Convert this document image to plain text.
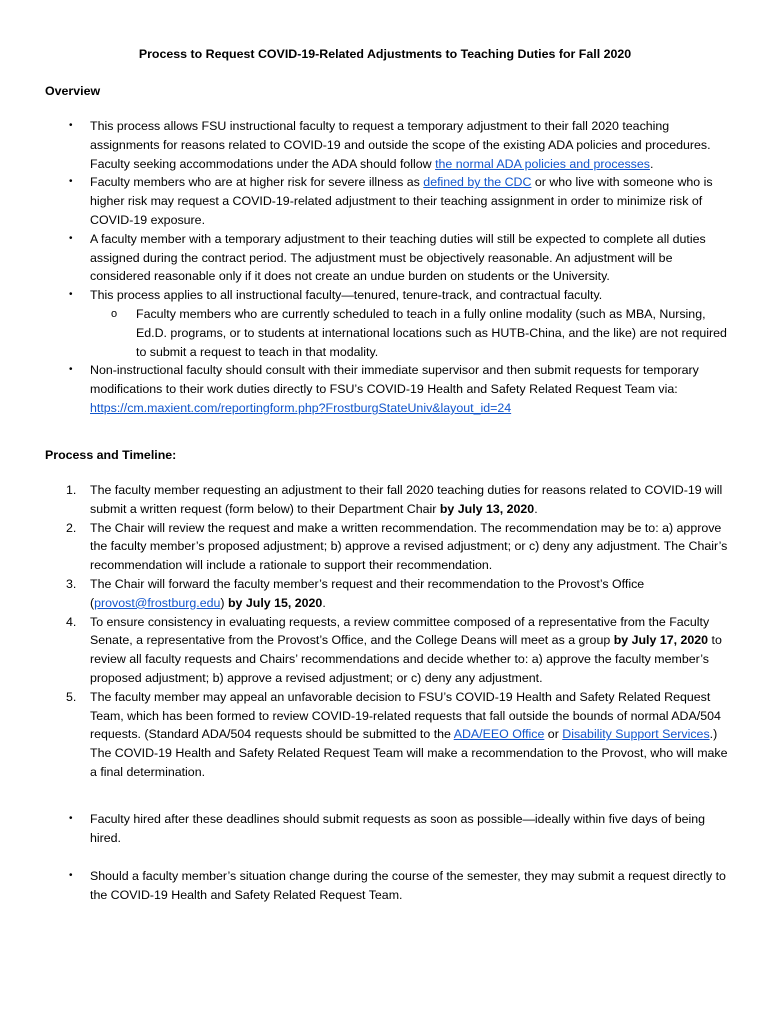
Process to Request COVID-19-Related Adjustments to Teaching Duties for Fall 2020
Overview
•	This process allows FSU instructional faculty to request a temporary adjustment to their fall 2020 teaching assignments for reasons related to COVID-19 and outside the scope of the existing ADA policies and procedures. Faculty seeking accommodations under the ADA should follow the normal ADA policies and processes.
•	Faculty members who are at higher risk for severe illness as defined by the CDC or who live with someone who is higher risk may request a COVID-19-related adjustment to their teaching assignment in order to minimize risk of COVID-19 exposure.
•	A faculty member with a temporary adjustment to their teaching duties will still be expected to complete all duties assigned during the contract period. The adjustment must be objectively reasonable. An adjustment will be considered reasonable only if it does not create an undue burden on students or the University.
•	This process applies to all instructional faculty—tenured, tenure-track, and contractual faculty.
o	Faculty members who are currently scheduled to teach in a fully online modality (such as MBA, Nursing, Ed.D. programs, or to students at international locations such as HUTB-China, and the like) are not required to submit a request to teach in that modality.
•	Non-instructional faculty should consult with their immediate supervisor and then submit requests for temporary modifications to their work duties directly to FSU’s COVID-19 Health and Safety Related Request Team via: https://cm.maxient.com/reportingform.php?FrostburgStateUniv&layout_id=24
Process and Timeline:
1.	The faculty member requesting an adjustment to their fall 2020 teaching duties for reasons related to COVID-19 will submit a written request (form below) to their Department Chair by July 13, 2020.
2.	The Chair will review the request and make a written recommendation. The recommendation may be to: a) approve the faculty member’s proposed adjustment; b) approve a revised adjustment; or c) deny any adjustment. The Chair’s recommendation will include a rationale to support their recommendation.
3.	The Chair will forward the faculty member’s request and their recommendation to the Provost’s Office (provost@frostburg.edu) by July 15, 2020.
4.	To ensure consistency in evaluating requests, a review committee composed of a representative from the Faculty Senate, a representative from the Provost’s Office, and the College Deans will meet as a group by July 17, 2020 to review all faculty requests and Chairs’ recommendations and decide whether to: a) approve the faculty member’s proposed adjustment; b) approve a revised adjustment; or c) deny any adjustment.
5.	The faculty member may appeal an unfavorable decision to FSU’s COVID-19 Health and Safety Related Request Team, which has been formed to review COVID-19-related requests that fall outside the bounds of normal ADA/504 requests. (Standard ADA/504 requests should be submitted to the ADA/EEO Office or Disability Support Services.) The COVID-19 Health and Safety Related Request Team will make a recommendation to the Provost, who will make a final determination.
•	Faculty hired after these deadlines should submit requests as soon as possible—ideally within five days of being hired.
•	Should a faculty member’s situation change during the course of the semester, they may submit a request directly to the COVID-19 Health and Safety Related Request Team.
